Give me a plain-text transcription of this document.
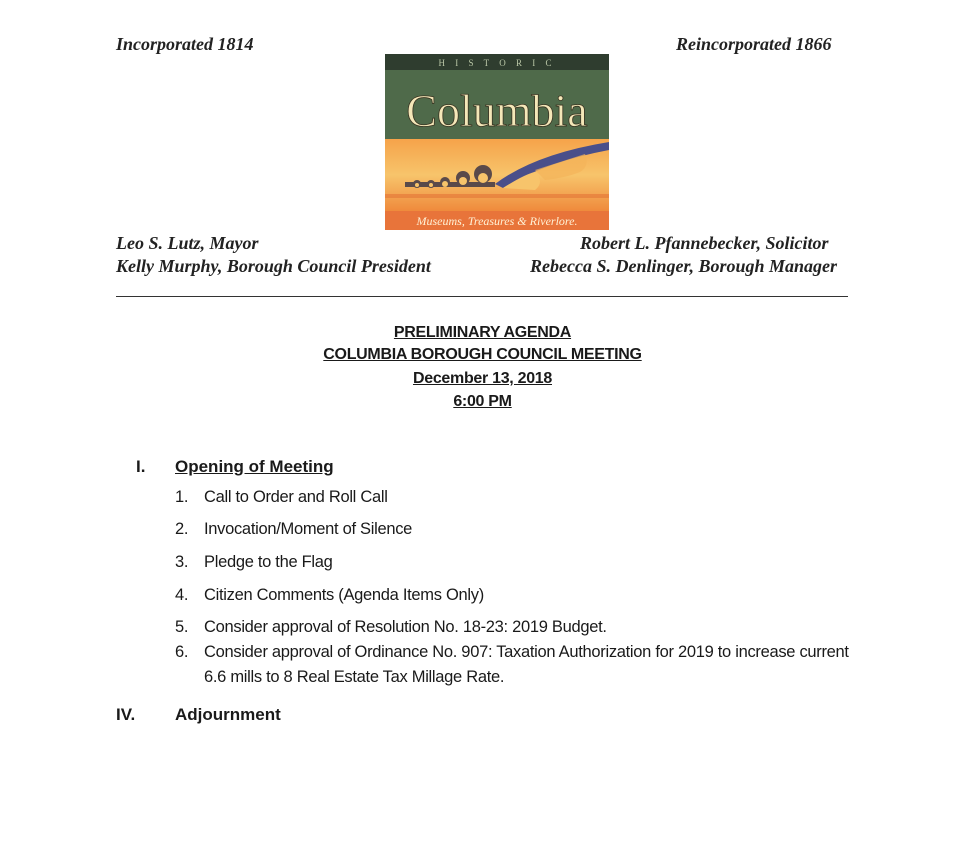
Incorporated 1814	Reincorporated 1866
H I S T O R I C
Columbia
Museums, Treasures & Riverlore.
Leo S. Lutz, Mayor
Kelly Murphy, Borough Council President
Robert L. Pfannebecker, Solicitor
Rebecca S. Denlinger, Borough Manager
PRELIMINARY AGENDA
COLUMBIA BOROUGH COUNCIL MEETING
December 13, 2018
6:00 PM
I. Opening of Meeting
1. Call to Order and Roll Call
2. Invocation/Moment of Silence
3. Pledge to the Flag
4. Citizen Comments (Agenda Items Only)
5. Consider approval of Resolution No. 18-23: 2019 Budget.
6. Consider approval of Ordinance No. 907: Taxation Authorization for 2019 to increase current
6.6 mills to 8 Real Estate Tax Millage Rate.
IV. Adjournment
